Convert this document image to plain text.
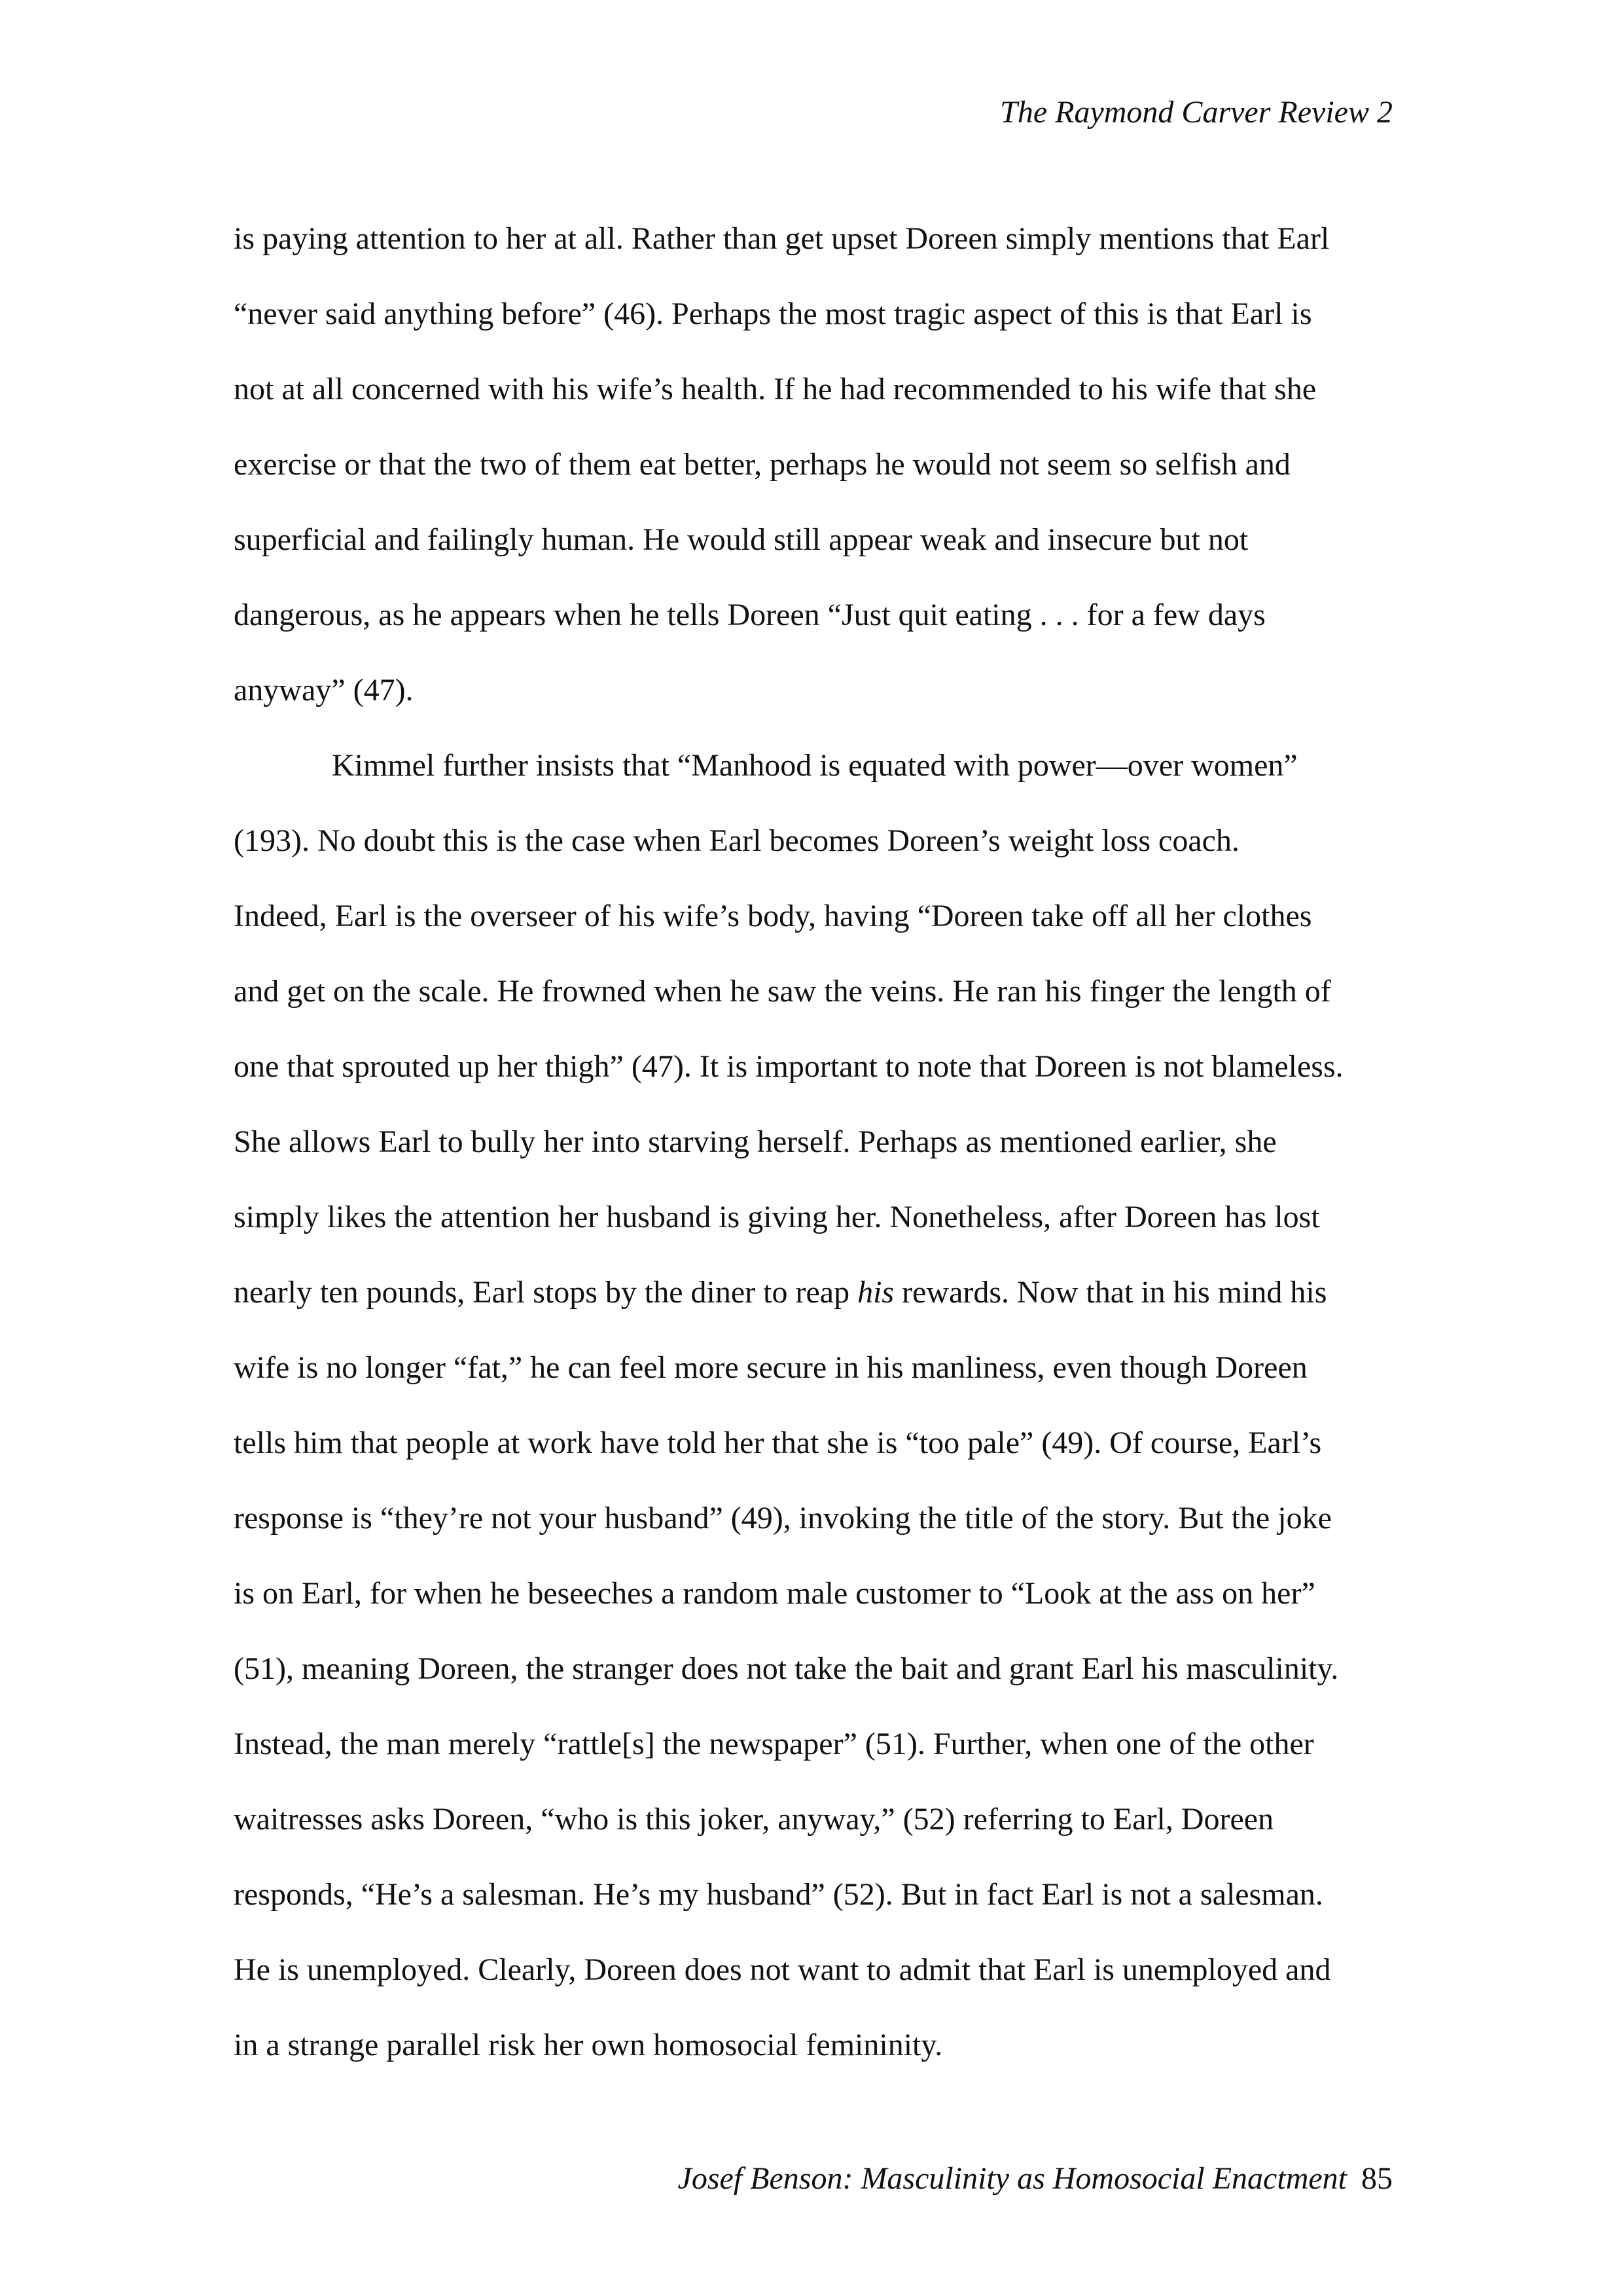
The Raymond Carver Review 2

is paying attention to her at all. Rather than get upset Doreen simply mentions that Earl
“never said anything before” (46). Perhaps the most tragic aspect of this is that Earl is
not at all concerned with his wife’s health. If he had recommended to his wife that she
exercise or that the two of them eat better, perhaps he would not seem so selfish and
superficial and failingly human. He would still appear weak and insecure but not
dangerous, as he appears when he tells Doreen “Just quit eating . . . for a few days
anyway” (47).

Kimmel further insists that “Manhood is equated with power—over women”
(193). No doubt this is the case when Earl becomes Doreen’s weight loss coach.
Indeed, Earl is the overseer of his wife’s body, having “Doreen take off all her clothes
and get on the scale. He frowned when he saw the veins. He ran his finger the length of
one that sprouted up her thigh” (47). It is important to note that Doreen is not blameless.
She allows Earl to bully her into starving herself. Perhaps as mentioned earlier, she
simply likes the attention her husband is giving her. Nonetheless, after Doreen has lost
nearly ten pounds, Earl stops by the diner to reap his rewards. Now that in his mind his
wife is no longer “fat,” he can feel more secure in his manliness, even though Doreen
tells him that people at work have told her that she is “too pale” (49). Of course, Earl’s
response is “they’re not your husband” (49), invoking the title of the story. But the joke
is on Earl, for when he beseeches a random male customer to “Look at the ass on her”
(51), meaning Doreen, the stranger does not take the bait and grant Earl his masculinity.
Instead, the man merely “rattle[s] the newspaper” (51). Further, when one of the other
waitresses asks Doreen, “who is this joker, anyway,” (52) referring to Earl, Doreen
responds, “He’s a salesman. He’s my husband” (52). But in fact Earl is not a salesman.
He is unemployed. Clearly, Doreen does not want to admit that Earl is unemployed and
in a strange parallel risk her own homosocial femininity.

Josef Benson: Masculinity as Homosocial Enactment 85
